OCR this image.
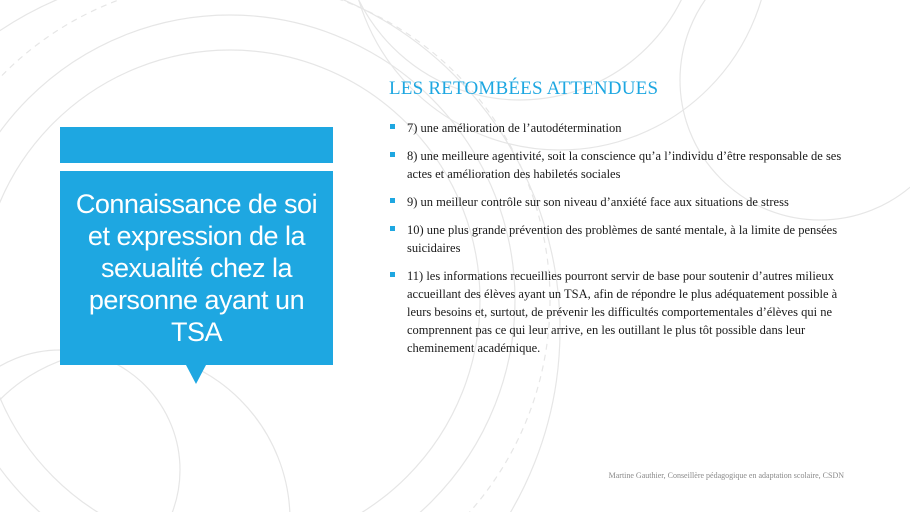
Connaissance de soi et expression de la sexualité chez la personne ayant un TSA
LES RETOMBÉES ATTENDUES
7) une amélioration de l’autodétermination
8) une meilleure agentivité, soit la conscience qu’a l’individu d’être responsable de ses actes et amélioration des habiletés sociales
9) un meilleur contrôle sur son niveau d’anxiété face aux situations de stress
10) une plus grande prévention des problèmes de santé mentale, à la limite de pensées suicidaires
11) les informations recueillies pourront servir de base pour soutenir d’autres milieux accueillant des élèves ayant un TSA, afin de répondre le plus adéquatement possible à leurs besoins et, surtout, de prévenir les difficultés comportementales d’élèves qui ne comprennent pas ce qui leur arrive, en les outillant le plus tôt possible dans leur cheminement académique.
Martine Gauthier, Conseillère pédagogique en adaptation scolaire, CSDN
